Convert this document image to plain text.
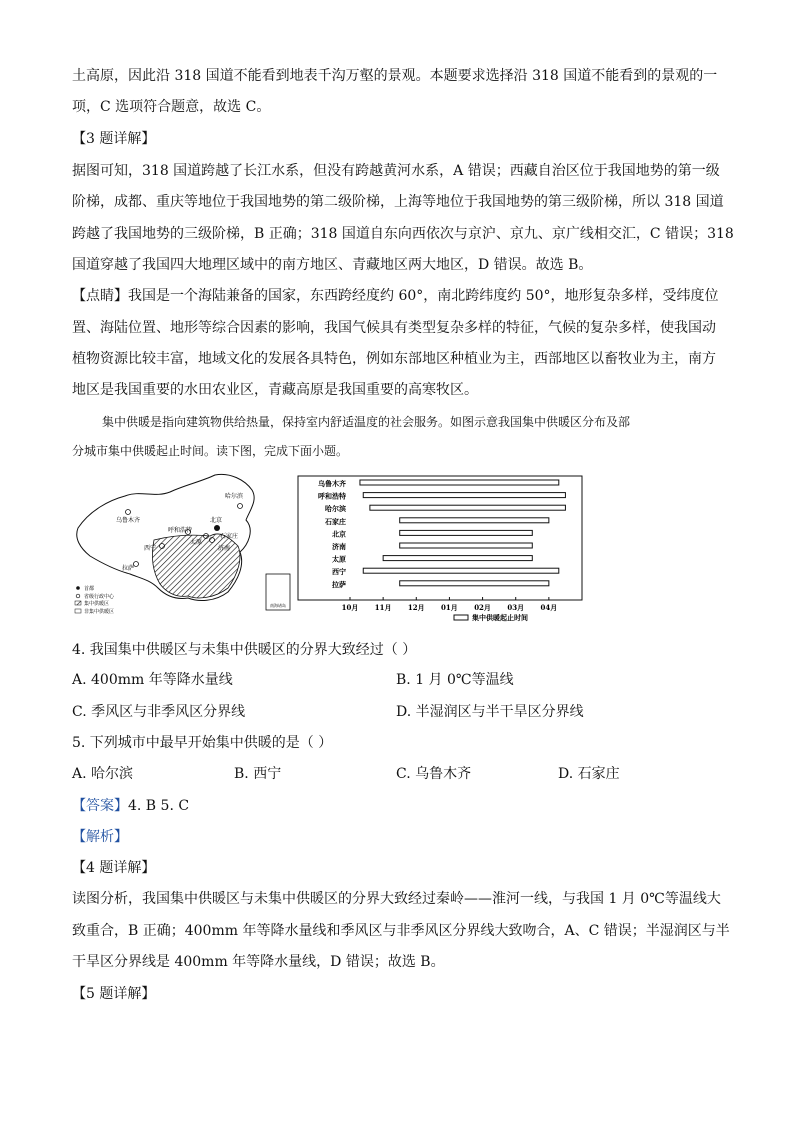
土高原，因此沿 318 国道不能看到地表千沟万壑的景观。本题要求选择沿 318 国道不能看到的景观的一
项，C 选项符合题意，故选 C。
【3 题详解】
据图可知，318 国道跨越了长江水系，但没有跨越黄河水系，A 错误；西藏自治区位于我国地势的第一级
阶梯，成都、重庆等地位于我国地势的第二级阶梯，上海等地位于我国地势的第三级阶梯，所以 318 国道
跨越了我国地势的三级阶梯，B 正确；318 国道自东向西依次与京沪、京九、京广线相交汇，C 错误；318
国道穿越了我国四大地理区域中的南方地区、青藏地区两大地区，D 错误。故选 B。
【点睛】我国是一个海陆兼备的国家，东西跨经度约 60°，南北跨纬度约 50°，地形复杂多样，受纬度位
置、海陆位置、地形等综合因素的影响，我国气候具有类型复杂多样的特征，气候的复杂多样，使我国动
植物资源比较丰富，地域文化的发展各具特色，例如东部地区种植业为主，西部地区以畜牧业为主，南方
地区是我国重要的水田农业区，青藏高原是我国重要的高寒牧区。
集中供暖是指向建筑物供给热量，保持室内舒适温度的社会服务。如图示意我国集中供暖区分布及部
分城市集中供暖起止时间。读下图，完成下面小题。
北京
乌鲁木齐
呼和浩特
哈尔滨
石家庄
太原
济南
西宁
拉萨
首都
省级行政中心
集中供暖区
非集中供暖区
南海诸岛
乌鲁木齐
呼和浩特
哈尔滨
石家庄
北京
济南
太原
西宁
拉萨
10月 11月 12月 01月 02月 03月 04月
集中供暖起止时间
4. 我国集中供暖区与未集中供暖区的分界大致经过（ ）
A. 400mm 年等降水量线	B. 1 月 0℃等温线
C. 季风区与非季风区分界线	D. 半湿润区与半干旱区分界线
5. 下列城市中最早开始集中供暖的是（ ）
A. 哈尔滨	B. 西宁	C. 乌鲁木齐	D. 石家庄
【答案】4. B 5. C
【解析】
【4 题详解】
读图分析，我国集中供暖区与未集中供暖区的分界大致经过秦岭——淮河一线，与我国 1 月 0℃等温线大
致重合，B 正确；400mm 年等降水量线和季风区与非季风区分界线大致吻合，A、C 错误；半湿润区与半
干旱区分界线是 400mm 年等降水量线，D 错误；故选 B。
【5 题详解】
